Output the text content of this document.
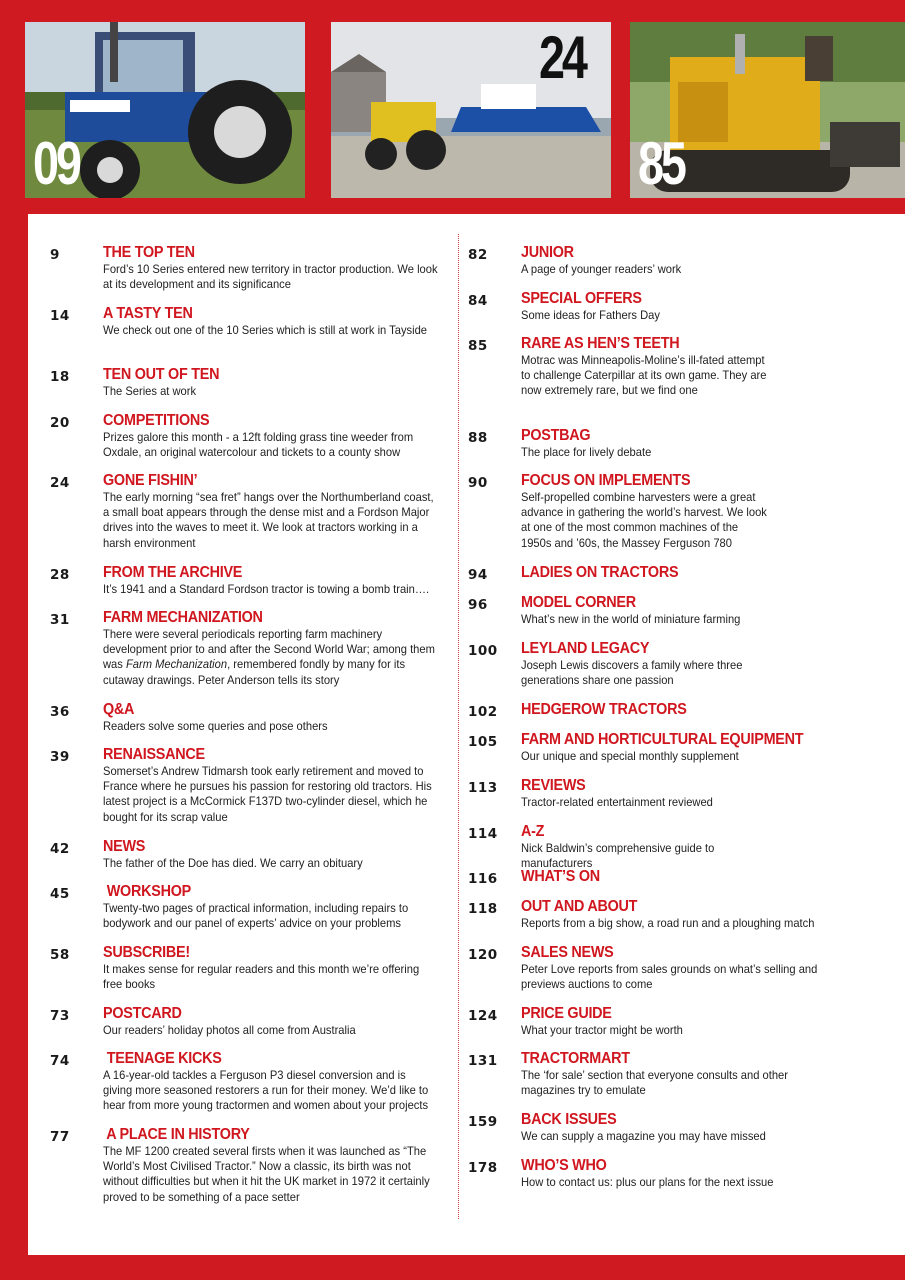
09
24
85
9	THE TOP TEN
Ford’s 10 Series entered new territory in tractor production. We look at its development and its significance
14	A TASTY TEN
We check out one of the 10 Series which is still at work in Tayside
18	TEN OUT OF TEN
The Series at work
20	COMPETITIONS
Prizes galore this month - a 12ft folding grass tine weeder from Oxdale, an original watercolour and tickets to a county show
24	GONE FISHIN’
The early morning “sea fret” hangs over the Northumberland coast, a small boat appears through the dense mist and a Fordson Major drives into the waves to meet it. We look at tractors working in a harsh environment
28	FROM THE ARCHIVE
It’s 1941 and a Standard Fordson tractor is towing a bomb train….
31	FARM MECHANIZATION
There were several periodicals reporting farm machinery development prior to and after the Second World War; among them was Farm Mechanization, remembered fondly by many for its cutaway drawings. Peter Anderson tells its story
36	Q&A
Readers solve some queries and pose others
39	RENAISSANCE
Somerset’s Andrew Tidmarsh took early retirement and moved to France where he pursues his passion for restoring old tractors. His latest project is a McCormick F137D two-cylinder diesel, which he bought for its scrap value
42	NEWS
The father of the Doe has died. We carry an obituary
45	WORKSHOP
Twenty-two pages of practical information, including repairs to bodywork and our panel of experts’ advice on your problems
58	SUBSCRIBE!
It makes sense for regular readers and this month we’re offering free books
73	POSTCARD
Our readers’ holiday photos all come from Australia
74	TEENAGE KICKS
A 16-year-old tackles a Ferguson P3 diesel conversion and is giving more seasoned restorers a run for their money. We’d like to hear from more young tractormen and women about your projects
77	A PLACE IN HISTORY
The MF 1200 created several firsts when it was launched as “The World’s Most Civilised Tractor.” Now a classic, its birth was not without difficulties but when it hit the UK market in 1972 it certainly proved to be something of a pace setter
82	JUNIOR
A page of younger readers’ work
84	SPECIAL OFFERS
Some ideas for Fathers Day
85	RARE AS HEN’S TEETH
Motrac was Minneapolis-Moline’s ill-fated attempt to challenge Caterpillar at its own game. They are now extremely rare, but we find one
88	POSTBAG
The place for lively debate
90	FOCUS ON IMPLEMENTS
Self-propelled combine harvesters were a great advance in gathering the world’s harvest. We look at one of the most common machines of the 1950s and ’60s, the Massey Ferguson 780
94	LADIES ON TRACTORS
96	MODEL CORNER
What’s new in the world of miniature farming
100	LEYLAND LEGACY
Joseph Lewis discovers a family where three generations share one passion
102	HEDGEROW TRACTORS
105	FARM AND HORTICULTURAL EQUIPMENT
Our unique and special monthly supplement
113	REVIEWS
Tractor-related entertainment reviewed
114	A-Z
Nick Baldwin’s comprehensive guide to manufacturers
116	WHAT’S ON
118	OUT AND ABOUT
Reports from a big show, a road run and a ploughing match
120	SALES NEWS
Peter Love reports from sales grounds on what’s selling and previews auctions to come
124	PRICE GUIDE
What your tractor might be worth
131	TRACTORMART
The ‘for sale’ section that everyone consults and other magazines try to emulate
159	BACK ISSUES
We can supply a magazine you may have missed
178	WHO’S WHO
How to contact us: plus our plans for the next issue
